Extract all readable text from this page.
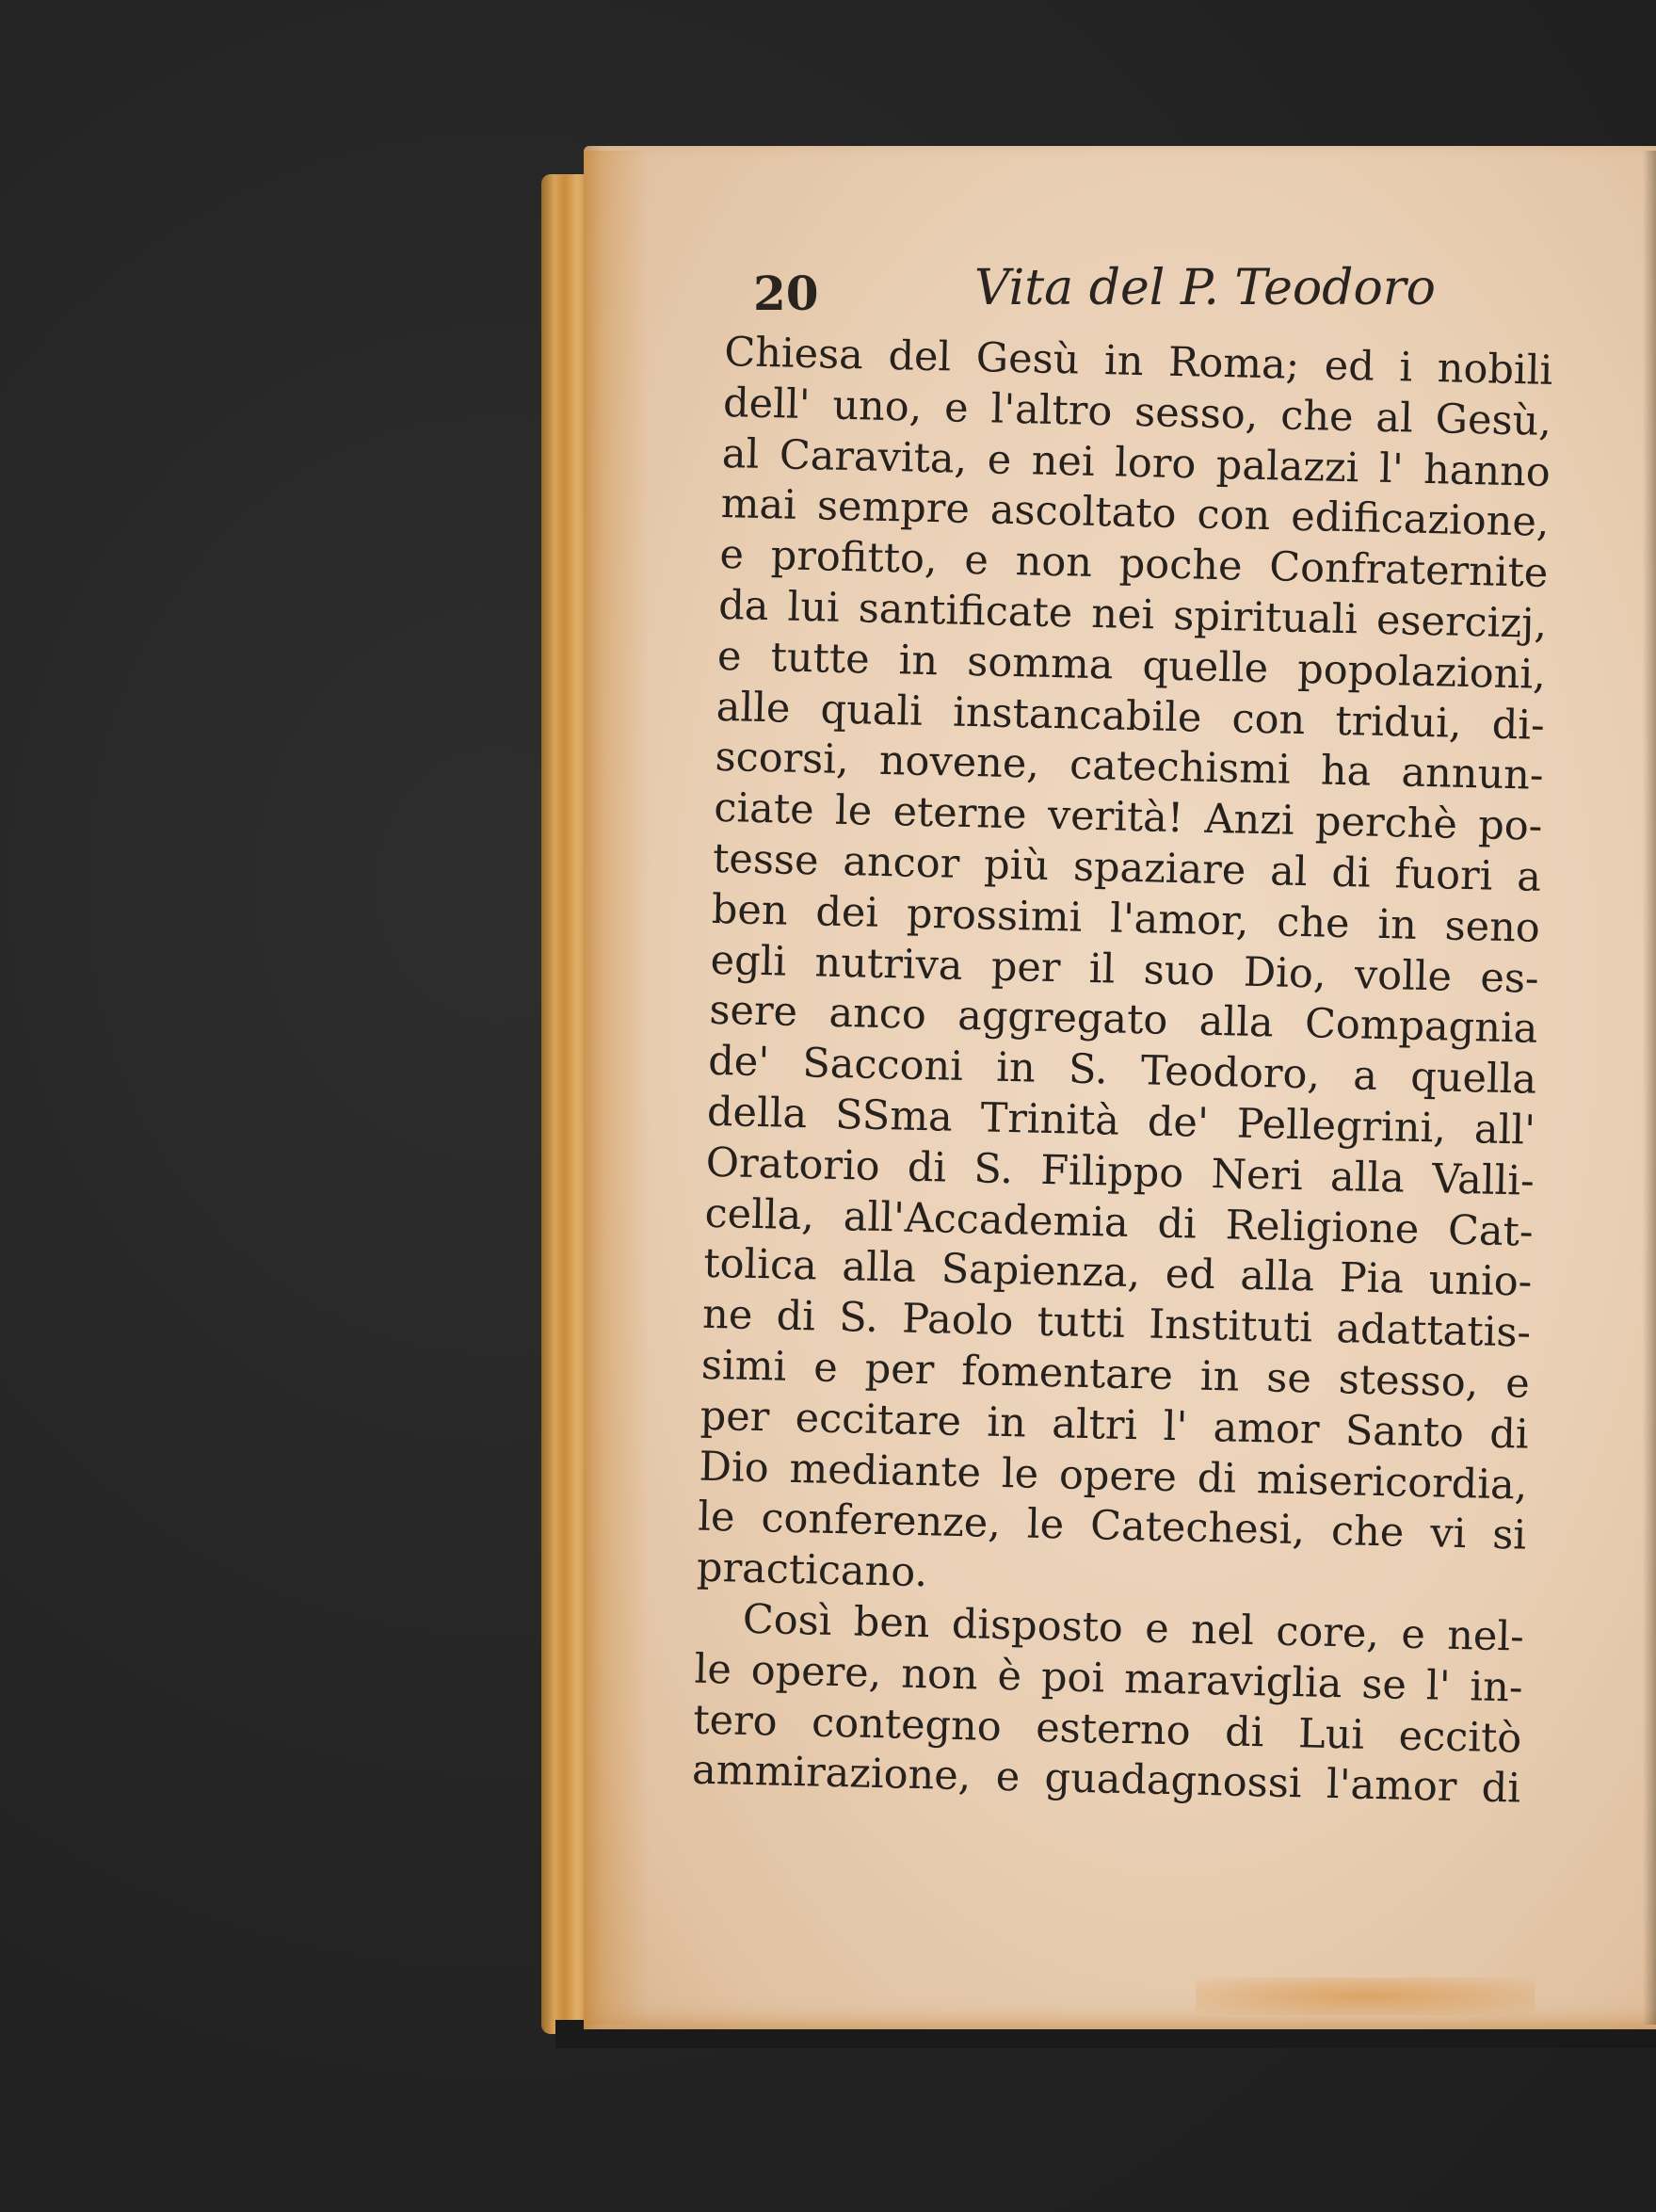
20	Vita del P. Teodoro
Chiesa del Gesù in Roma; ed i nobili
dell' uno, e l'altro sesso, che al Gesù,
al Caravita, e nei loro palazzi l' hanno
mai sempre ascoltato con edificazione,
e profitto, e non poche Confraternite
da lui santificate nei spirituali esercizj,
e tutte in somma quelle popolazioni,
alle quali instancabile con tridui, di-
scorsi, novene, catechismi ha annun-
ciate le eterne verità! Anzi perchè po-
tesse ancor più spaziare al di fuori a
ben dei prossimi l'amor, che in seno
egli nutriva per il suo Dio, volle es-
sere anco aggregato alla Compagnia
de' Sacconi in S. Teodoro, a quella
della SSma Trinità de' Pellegrini, all'
Oratorio di S. Filippo Neri alla Valli-
cella, all'Accademia di Religione Cat-
tolica alla Sapienza, ed alla Pia unio-
ne di S. Paolo tutti Instituti adattatis-
simi e per fomentare in se stesso, e
per eccitare in altri l' amor Santo di
Dio mediante le opere di misericordia,
le conferenze, le Catechesi, che vi si
practicano.
Così ben disposto e nel core, e nel-
le opere, non è poi maraviglia se l' in-
tero contegno esterno di Lui eccitò
ammirazione, e guadagnossi l'amor di
